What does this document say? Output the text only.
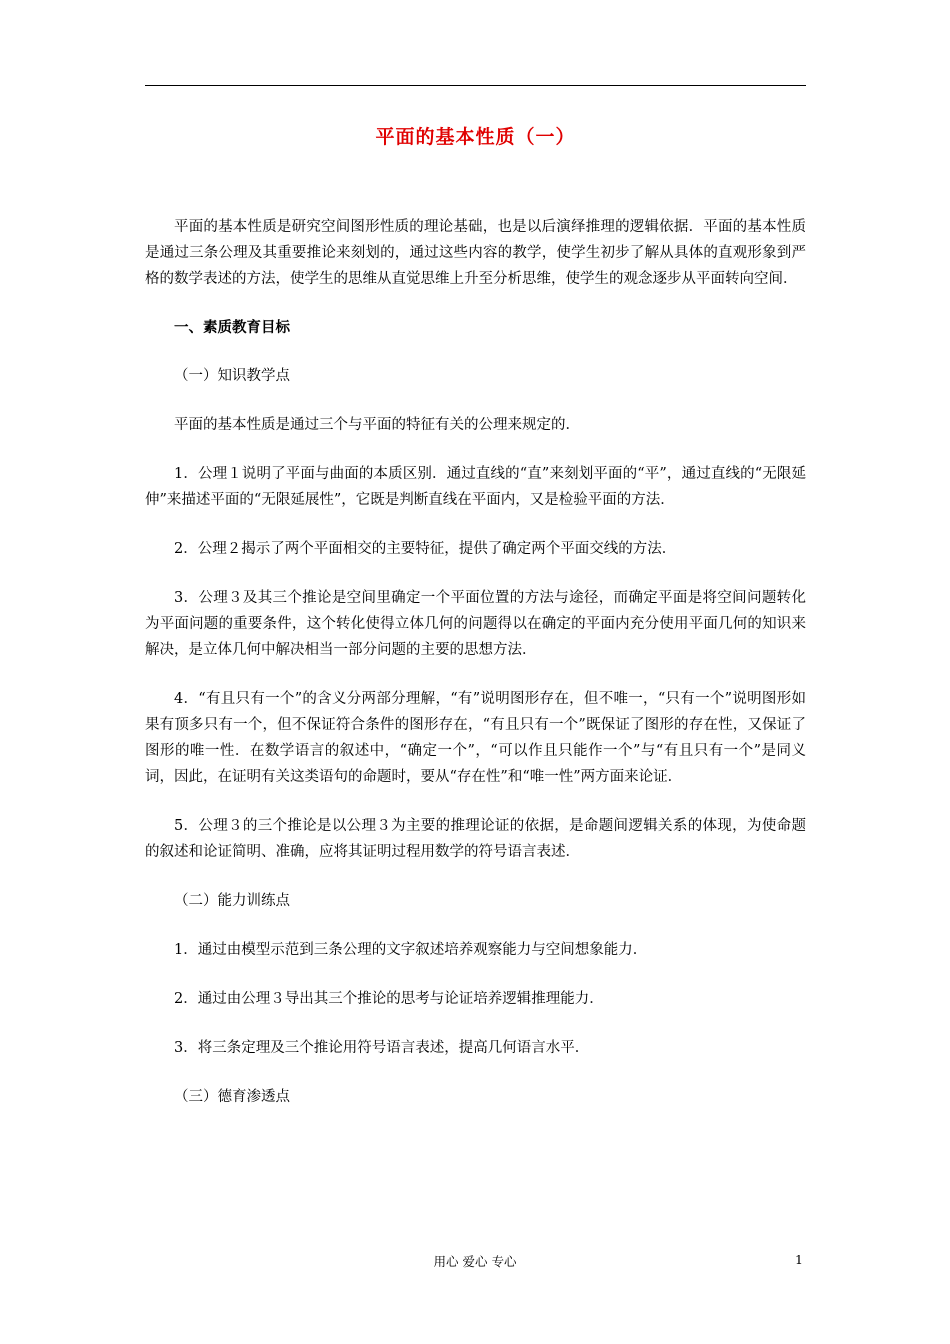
平面的基本性质（一）

平面的基本性质是研究空间图形性质的理论基础，也是以后演绎推理的逻辑依据．平面的基本性质是通过三条公理及其重要推论来刻划的，通过这些内容的教学，使学生初步了解从具体的直观形象到严格的数学表述的方法，使学生的思维从直觉思维上升至分析思维，使学生的观念逐步从平面转向空间．

一、素质教育目标

（一）知识教学点

平面的基本性质是通过三个与平面的特征有关的公理来规定的．

1．公理１说明了平面与曲面的本质区别．通过直线的“直”来刻划平面的“平”，通过直线的“无限延伸”来描述平面的“无限延展性”，它既是判断直线在平面内，又是检验平面的方法．

2．公理２揭示了两个平面相交的主要特征，提供了确定两个平面交线的方法．

3．公理３及其三个推论是空间里确定一个平面位置的方法与途径，而确定平面是将空间问题转化为平面问题的重要条件，这个转化使得立体几何的问题得以在确定的平面内充分使用平面几何的知识来解决，是立体几何中解决相当一部分问题的主要的思想方法．

4．“有且只有一个”的含义分两部分理解，“有”说明图形存在，但不唯一，“只有一个”说明图形如果有顶多只有一个，但不保证符合条件的图形存在，“有且只有一个”既保证了图形的存在性，又保证了图形的唯一性．在数学语言的叙述中，“确定一个”，“可以作且只能作一个”与“有且只有一个”是同义词，因此，在证明有关这类语句的命题时，要从“存在性”和“唯一性”两方面来论证．

5．公理３的三个推论是以公理３为主要的推理论证的依据，是命题间逻辑关系的体现，为使命题的叙述和论证简明、准确，应将其证明过程用数学的符号语言表述．

（二）能力训练点

1．通过由模型示范到三条公理的文字叙述培养观察能力与空间想象能力．

2．通过由公理３导出其三个推论的思考与论证培养逻辑推理能力．

3．将三条定理及三个推论用符号语言表述，提高几何语言水平．

（三）德育渗透点

用心 爱心 专心	1
